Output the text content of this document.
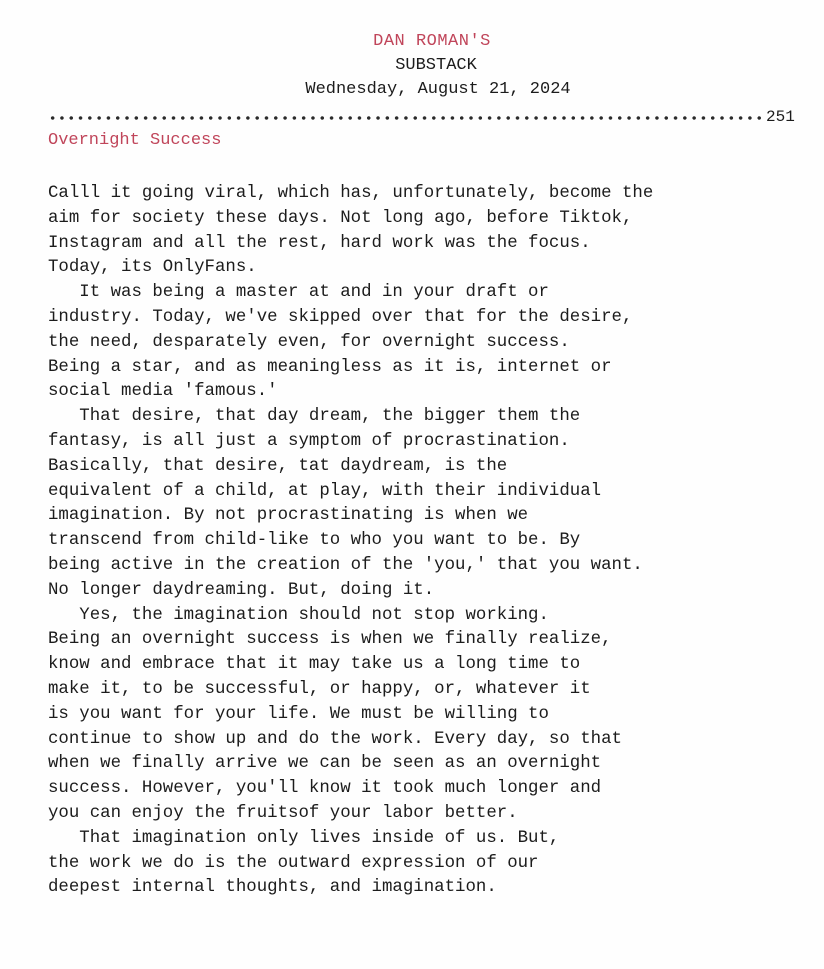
DAN ROMAN'S
SUBSTACK
Wednesday, August 21, 2024
251
Overnight Success
Calll it going viral, which has, unfortunately, become the
aim for society these days. Not long ago, before Tiktok,
Instagram and all the rest, hard work was the focus.
Today, its OnlyFans.
It was being a master at and in your draft or
industry. Today, we've skipped over that for the desire,
the need, desparately even, for overnight success.
Being a star, and as meaningless as it is, internet or
social media 'famous.'
That desire, that day dream, the bigger them the
fantasy, is all just a symptom of procrastination.
Basically, that desire, tat daydream, is the
equivalent of a child, at play, with their individual
imagination. By not procrastinating is when we
transcend from child-like to who you want to be. By
being active in the creation of the 'you,' that you want.
No longer daydreaming. But, doing it.
Yes, the imagination should not stop working.
Being an overnight success is when we finally realize,
know and embrace that it may take us a long time to
make it, to be successful, or happy, or, whatever it
is you want for your life. We must be willing to
continue to show up and do the work. Every day, so that
when we finally arrive we can be seen as an overnight
success. However, you'll know it took much longer and
you can enjoy the fruitsof your labor better.
That imagination only lives inside of us. But,
the work we do is the outward expression of our
deepest internal thoughts, and imagination.
